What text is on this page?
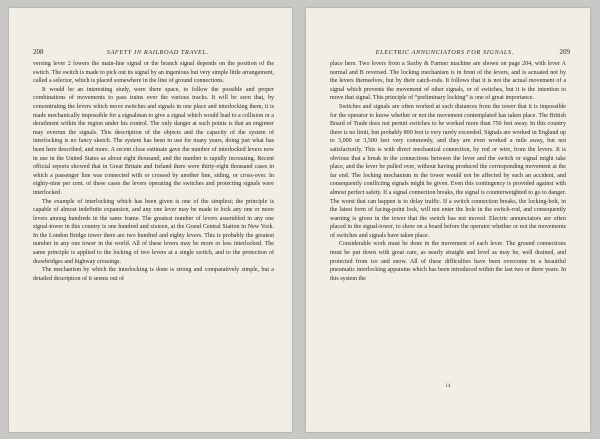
208	SAFETY IN RAILROAD TRAVEL.

versing lever 2 lowers the main-line signal or the branch signal depends on the position of the switch. The switch is made to pick out its signal by an ingenious but very simple little arrangement, called a selector, which is placed somewhere in the line of ground connections.

It would be an interesting study, were there space, to follow the possible and proper combinations of movements to pass trains over the various tracks. It will be seen that, by concentrating the levers which move switches and signals in one place and interlocking them, it is made mechanically impossible for a signalman to give a signal which would lead to a collision or a derailment within the region under his control. The only danger at such points is that an engineer may overrun the signals. This description of the objects and the capacity of the system of interlocking is no fancy sketch. The system has been in use for many years, doing just what has been here described, and more. A recent close estimate gave the number of interlocked levers now in use in the United States as about eight thousand, and the number is rapidly increasing. Recent official reports showed that in Great Britain and Ireland there were thirty-eight thousand cases in which a passenger line was connected with or crossed by another line, siding, or cross-over. In eighty-nine per cent. of these cases the levers operating the switches and protecting signals were interlocked.

The example of interlocking which has been given is one of the simplest; the principle is capable of almost indefinite expansion, and any one lever may be made to lock any one or more levers among hundreds in the same frame. The greatest number of levers assembled in any one signal-tower in this country is one hundred and sixteen, at the Grand Central Station in New York. In the London Bridge tower there are two hundred and eighty levers. This is probably the greatest number in any one tower in the world. All of these levers may be more or less interlocked. The same principle is applied to the locking of two levers at a single switch, and to the protection of drawbridges and highway crossings.

The mechanism by which the interlocking is done is strong and comparatively simple, but a detailed description of it seems out of

ELECTRIC ANNUNCIATORS FOR SIGNALS.	209

place here. Two levers from a Saxby & Farmer machine are shown on page 204, with lever A normal and B reversed. The locking mechanism is in front of the levers, and is actuated not by the levers themselves, but by their catch-rods. It follows that it is not the actual movement of a signal which prevents the movement of other signals, or of switches, but it is the intention to move that signal. This principle of “preliminary locking” is one of great importance.

Switches and signals are often worked at such distances from the tower that it is impossible for the operator to know whether or not the movement contemplated has taken place. The British Board of Trade does not permit switches to be worked more than 750 feet away. In this country there is no limit, but probably 800 feet is very rarely exceeded. Signals are worked in England up to 3,000 or 3,500 feet very commonly, and they are even worked a mile away, but not satisfactorily. This is with direct mechanical connection, by rod or wire, from the levers. It is obvious that a break in the connections between the lever and the switch or signal might take place, and the lever be pulled over, without having produced the corresponding movement at the far end. The locking mechanism in the tower would not be affected by such an accident, and consequently conflicting signals might be given. Even this contingency is provided against with almost perfect safety. If a signal connection breaks, the signal is counterweighted to go to danger. The worst that can happen is to delay traffic. If a switch connection breaks, the locking-bolt, in the latest form of facing-point lock, will not enter the hole in the switch-rod, and consequently warning is given in the tower that the switch has not moved. Electric annunciators are often placed in the signal-tower, to show on a board before the operator whether or not the movements of switches and signals have taken place.

Considerable work must be done in the movement of each lever. The ground connections must be put down with great care, as nearly straight and level as may be, well drained, and protected from ice and snow. All of these difficulties have been overcome in a beautiful pneumatic interlocking apparatus which has been introduced within the last two or three years. In this system the

14
